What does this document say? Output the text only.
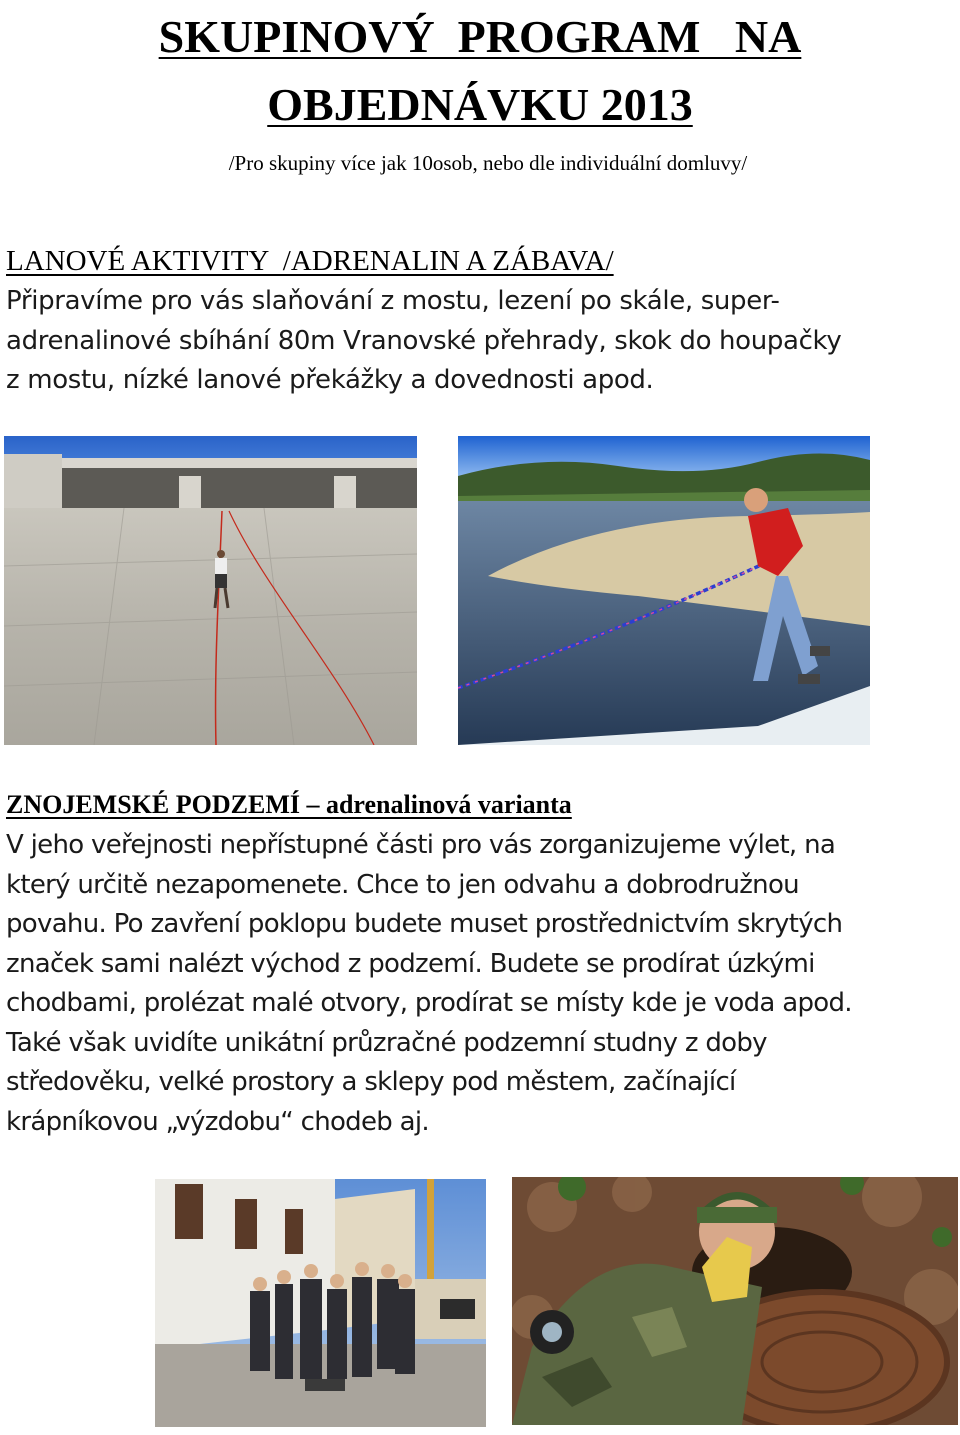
SKUPINOVÝ  PROGRAM   NA
OBJEDNÁVKU 2013
/Pro skupiny více jak 10osob, nebo dle individuální domluvy/
LANOVÉ AKTIVITY  /ADRENALIN A ZÁBAVA/
Připravíme pro vás slaňování z mostu, lezení po skále, super-
adrenalinové sbíhání 80m Vranovské přehrady, skok do houpačky
z mostu, nízké lanové překážky a dovednosti apod.
ZNOJEMSKÉ PODZEMÍ – adrenalinová varianta
V jeho veřejnosti nepřístupné části pro vás zorganizujeme výlet, na
který určitě nezapomenete. Chce to jen odvahu a dobrodružnou
povahu. Po zavření poklopu budete muset prostřednictvím skrytých
značek sami nalézt východ z podzemí. Budete se prodírat úzkými
chodbami, prolézat malé otvory, prodírat se místy kde je voda apod.
Také však uvidíte unikátní průzračné podzemní studny z doby
středověku, velké prostory a sklepy pod městem, začínající
krápníkovou „výzdobu“ chodeb aj.
